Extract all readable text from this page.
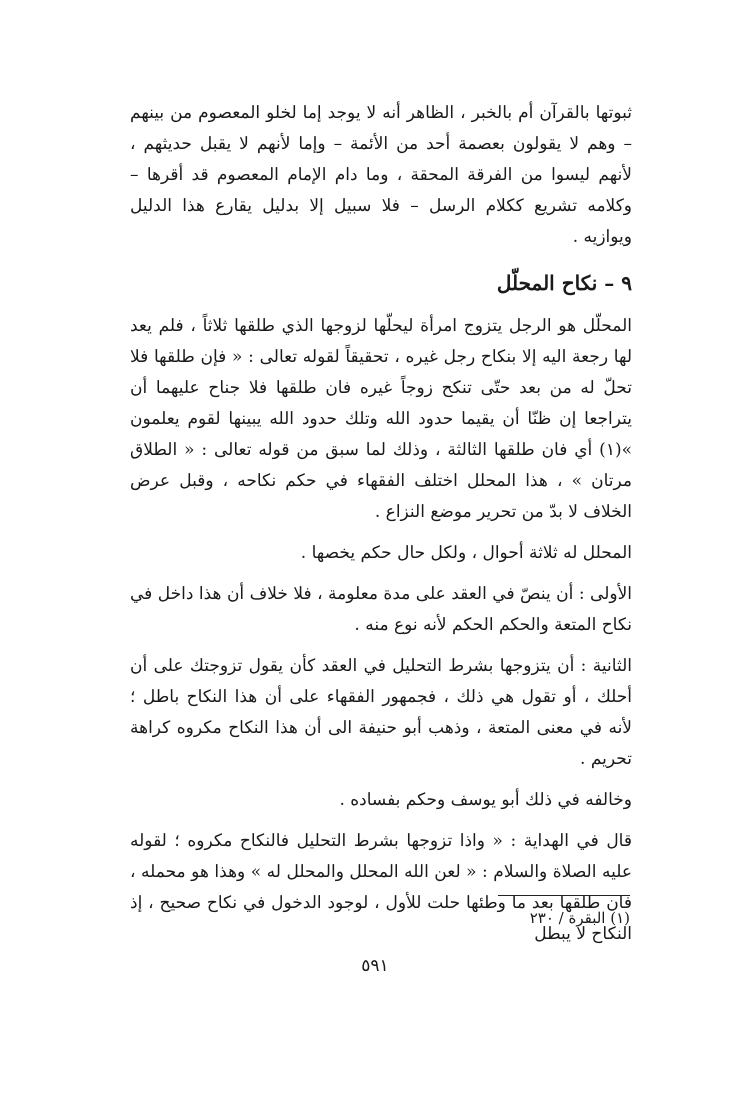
ثبوتها بالقرآن أم بالخبر ، الظاهر أنه لا يوجد إما لخلو المعصوم من بينهم – وهم لا يقولون بعصمة أحد من الأئمة – وإما لأنهم لا يقبل حديثهم ، لأنهم ليسوا من الفرقة المحقة ، وما دام الإمام المعصوم قد أقرها – وكلامه تشريع ككلام الرسل – فلا سبيل إلا بدليل يقارع هذا الدليل ويوازيه .

٩ – نكاح المحلّل

المحلّل هو الرجل يتزوج امرأة ليحلّها لزوجها الذي طلقها ثلاثاً ، فلم يعد لها رجعة اليه إلا بنكاح رجل غيره ، تحقيقاً لقوله تعالى : « فإن طلقها فلا تحلّ له من بعد حتّى تنكح زوجاً غيره فان طلقها فلا جناح عليهما أن يتراجعا إن ظنّا أن يقيما حدود الله وتلك حدود الله يبينها لقوم يعلمون »(١) أي فان طلقها الثالثة ، وذلك لما سبق من قوله تعالى : « الطلاق مرتان » ، هذا المحلل اختلف الفقهاء في حكم نكاحه ، وقبل عرض الخلاف لا بدّ من تحرير موضع النزاع .

المحلل له ثلاثة أحوال ، ولكل حال حكم يخصها .

الأولى : أن ينصّ في العقد على مدة معلومة ، فلا خلاف أن هذا داخل في نكاح المتعة والحكم الحكم لأنه نوع منه .

الثانية : أن يتزوجها بشرط التحليل في العقد كأن يقول تزوجتك على أن أحلك ، أو تقول هي ذلك ، فجمهور الفقهاء على أن هذا النكاح باطل ؛ لأنه في معنى المتعة ، وذهب أبو حنيفة الى أن هذا النكاح مكروه كراهة تحريم .

وخالفه في ذلك أبو يوسف وحكم بفساده .

قال في الهداية : « واذا تزوجها بشرط التحليل فالنكاح مكروه ؛ لقوله عليه الصلاة والسلام : « لعن الله المحلل والمحلل له » وهذا هو محمله ، فان طلقها بعد ما وطئها حلت للأول ، لوجود الدخول في نكاح صحيح ، إذ النكاح لا يبطل

(١) البقرة / ٢٣٠
٥٩١
